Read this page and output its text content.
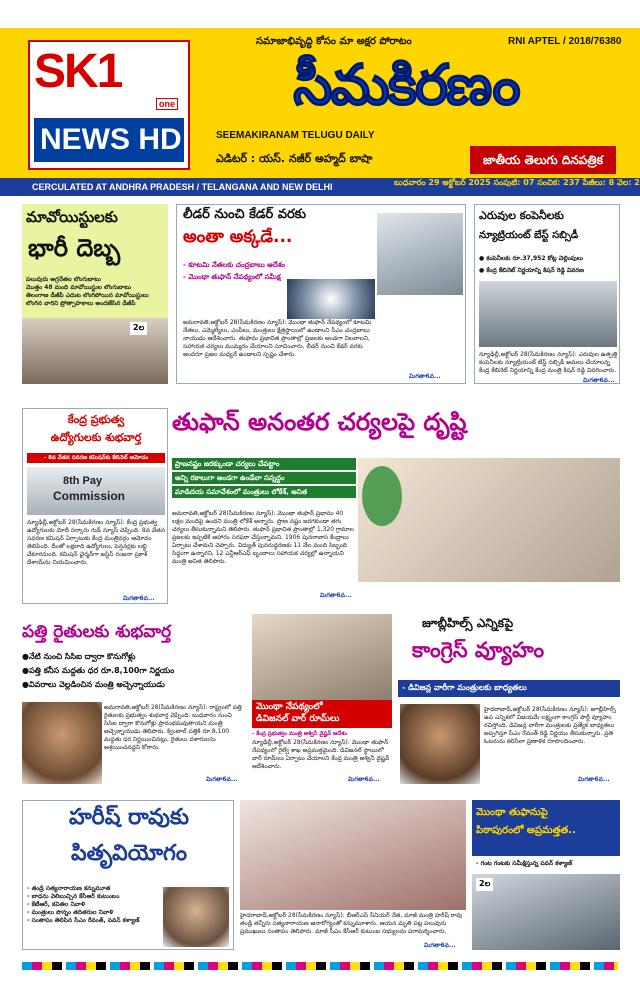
SK1
one
NEWS HD
సమాజాభివృద్ధి కోసం మా అక్షర పోరాటం	RNI APTEL / 2018/76380
సీమకిరణం
SEEMAKIRANAM TELUGU DAILY
ఎడిటర్ : యస్. నజీర్ అహ్మద్ బాషా	జాతీయ తెలుగు దినపత్రిక
CERCULATED AT ANDHRA PRADESH / TELANGANA AND NEW DELHI	బుధవారం 29 అక్టోబర్ 2025 సంపుటి: 07 సంచిక: 237 పేజీలు: 8 వెల: 2
మావోయిస్టులకు
భారీ దెబ్బ
పలువురు అగ్రనేతల లొంగుబాటు
మొత్తం 48 మంది మావోయిస్టుల లొంగుబాటు
తెలంగాణ డీజీపీ ఎదుట లొంగిపోయిన మావోయిస్టులు
లొంగిన వారిని ప్రోత్సాహకాలు అందజేసిన డీజీపీ
2ల
లీడర్ నుంచి కేడర్ వరకు
అంతా అక్కడే...
- కూటమి నేతలకు చంద్రబాబు ఆదేశం
- మొంథా తుఫాన్ నేపథ్యంలో సమీక్ష
అమరావతి,అక్టోబర్ 28(సీమకిరణం న్యూస్): మొంథా తుఫాన్ నేపథ్యంలో కూటమి నేతలు, ఎమ్మెల్యేలు, ఎంపీలు, మంత్రులు క్షేత్రస్థాయిలో ఉండాలని సీఎం చంద్రబాబు నాయుడు ఆదేశించారు. తుఫాను ప్రభావిత ప్రాంతాల్లో ప్రజలకు అండగా నిలవాలని, సహాయక చర్యలు ముమ్మరం చేయాలని సూచించారు. లీడర్ నుంచి కేడర్ వరకు అందరూ ప్రజల మధ్యనే ఉండాలని స్పష్టం చేశారు.
మిగతా6వ...
ఎరువుల కంపెనీలకు
న్యూట్రియంట్ బేస్ట్ సబ్సిడీ
● కంపెనీలకు రూ.37,952 కోట్ల చెల్లింపులు
● కేంద్ర కేబినెట్ నిర్ణయాన్ని కిషన్ రెడ్డి వివరణ
న్యూఢిల్లీ,అక్టోబర్ 28(సీమకిరణం న్యూస్): ఎరువుల ఉత్పత్తి కంపెనీలకు న్యూట్రియంట్ బేస్ట్ సబ్సిడీ అమలు చేయాలన్న కేంద్ర కేబినెట్ నిర్ణయాన్ని కేంద్ర మంత్రి కిషన్ రెడ్డి వివరించారు.
మిగతా6వ...
కేంద్ర ప్రభుత్వ
ఉద్యోగులకు శుభవార్త
- 8వ వేతన సవరణ కమిషన్‌కు కేబినెట్ ఆమోదం
8th Pay
Commission
న్యూఢిల్లీ,అక్టోబర్ 28(సీమకిరణం న్యూస్): కేంద్ర ప్రభుత్వ ఉద్యోగులకు మోదీ సర్కారు గుడ్ న్యూస్ చెప్పింది. 8వ వేతన సవరణ కమిషన్ ఏర్పాటుకు కేంద్ర మంత్రివర్గం ఆమోదం తెలిపింది. దీంతో లక్షలాది ఉద్యోగులు, పెన్షనర్లకు లబ్ధి చేకూరనుంది. కమిషన్ ఛైర్మన్‌గా జస్టిస్ రంజనా ప్రకాశ్ దేశాయ్‌ను నియమించారు.
మిగతా6వ...
తుఫాన్ అనంతర చర్యలపై దృష్టి
ప్రాణనష్టం జరక్కుండా చర్యలు చేపట్టాం
అన్ని రకాలుగా అండగా ఉండేలా సన్నద్ధం
మాడిదయ సమావేశంలో మంత్రులు లోకేశ్, అనిత
అమరావతి,అక్టోబర్ 28(సీమకిరణం న్యూస్): మొంథా తుఫాన్ ప్రభావం 40 లక్షల మందిపై ఉందని మంత్రి లోకేశ్ అన్నారు. ప్రాణ నష్టం జరగకుండా తగు చర్యలు తీసుకున్నామని తెలిపారు. తుఫాన్ ప్రభావిత ప్రాంతాల్లో 1,320 గ్రామాల ప్రజలకు ఇప్పటికే ఆహారం సరఫరా చేస్తున్నామని, 1906 పునరావాస కేంద్రాలు ఏర్పాటు చేశామని చెప్పారు. విద్యుత్ పునరుద్ధరణకు 11 వేల మంది సిబ్బంది సిద్ధంగా ఉన్నారని, 12 ఎన్డీఆర్ఎఫ్ బృందాలు సహాయక చర్యల్లో ఉన్నాయని మంత్రి అనిత తెలిపారు.
మిగతా6వ...
పత్తి రైతులకు శుభవార్త
●నేటి నుంచి సిసిఐ ద్వారా కొనుగోళ్లు
●పత్తి కనీస మద్దతు ధర రూ.8,100గా నిర్ణయం
●వివరాలు వెల్లడించిన మంత్రి అచ్చెన్నాయుడు
అమరావతి,అక్టోబర్ 28(సీమకిరణం న్యూస్): రాష్ట్రంలో పత్తి రైతులకు ప్రభుత్వం శుభవార్త చెప్పింది. బుధవారం నుంచి సిసిఐ ద్వారా కొనుగోళ్లు ప్రారంభమవుతాయని మంత్రి అచ్చెన్నాయుడు తెలిపారు. క్వింటాల్ పత్తికి రూ.8,100 మద్దతు ధర నిర్ణయించినట్లు, రైతులు దళారులను ఆశ్రయించవద్దని కోరారు.
మిగతా6వ...
మొంథా నేపథ్యంలో
డివిజనల్ వార్ రూమ్‌లు
- కేంద్ర ప్రభుత్వం మంత్రి అశ్వినీ వైష్ణవ్ ఆదేశం
న్యూఢిల్లీ,అక్టోబర్ 28(సీమకిరణం న్యూస్): మొంథా తుఫాన్ నేపథ్యంలో రైల్వే శాఖ అప్రమత్తమైంది. డివిజనల్ స్థాయిలో వార్ రూమ్‌లు ఏర్పాటు చేయాలని కేంద్ర మంత్రి అశ్వినీ వైష్ణవ్ ఆదేశించారు.
మిగతా6వ...
జూబ్లీహిల్స్ ఎన్నికపై
కాంగ్రెస్ వ్యూహం
- డివిజన్ల వారీగా మంత్రులకు బాధ్యతలు
హైదరాబాద్,అక్టోబర్ 28(సీమకిరణం న్యూస్): జూబ్లీహిల్స్ ఉప ఎన్నికలో విజయమే లక్ష్యంగా కాంగ్రెస్ పార్టీ వ్యూహం రచిస్తోంది. డివిజన్ల వారీగా మంత్రులకు ప్రత్యేక బాధ్యతలు అప్పగిస్తూ సీఎం రేవంత్ రెడ్డి నిర్ణయం తీసుకున్నారు. ప్రతి ఓటరును కలిసేలా ప్రణాళిక రూపొందించారు.
మిగతా6వ...
హరీష్ రావుకు
పితృవియోగం
- తండ్రి సత్యనారాయణ కన్నుమూత
- బాధను వెలిబుచ్చిన కేసీఆర్ కుటుంబం
- కేటీఆర్, కవితల నివాళి
- మంత్రులు పొన్నం తదితరుల నివాళి
- సంతాపం తెలిపిన సీఎం రేవంత్, పవన్ కళ్యాణ్
హైదరాబాద్,అక్టోబర్ 28(సీమకిరణం న్యూస్): బీఆర్ఎస్ సీనియర్ నేత, మాజీ మంత్రి హరీష్ రావు తండ్రి తన్నీరు సత్యనారాయణ అనారోగ్యంతో కన్నుమూశారు. ఆయన మృతి పట్ల పలువురు ప్రముఖులు సంతాపం తెలిపారు. మాజీ సీఎం కేసీఆర్ కుటుంబ సభ్యులను పరామర్శించారు.
మిగతా6వ...
మొంథా తుఫానుపై
పిఠాపురంలో అప్రమత్తత..
- గంట గంటకు సమీక్షిస్తున్న పవన్ కళ్యాణ్
2ల
